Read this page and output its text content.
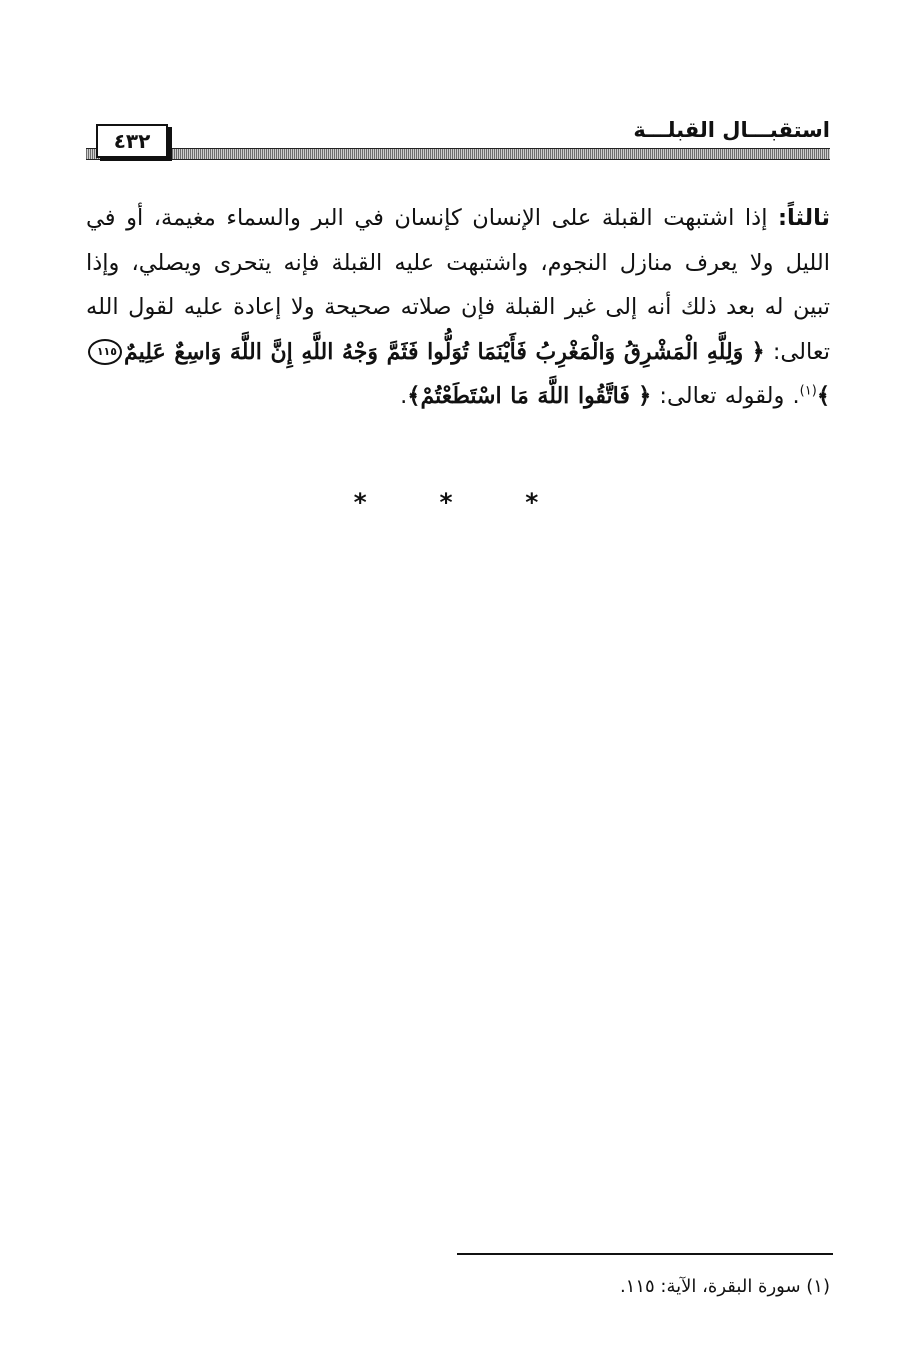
استقبـــال القبلـــة
٤٣٢
ثالثاً: إذا اشتبهت القبلة على الإنسان كإنسان في البر والسماء مغيمة، أو في الليل ولا يعرف منازل النجوم، واشتبهت عليه القبلة فإنه يتحرى ويصلي، وإذا تبين له بعد ذلك أنه إلى غير القبلة فإن صلاته صحيحة ولا إعادة عليه لقول الله تعالى: ﴿ وَلِلَّهِ الْمَشْرِقُ وَالْمَغْرِبُ فَأَيْنَمَا تُوَلُّوا فَثَمَّ وَجْهُ اللَّهِ إِنَّ اللَّهَ وَاسِعٌ عَلِيمٌ١١٥﴾$^{(١)}$. ولقوله تعالى: ﴿ فَاتَّقُوا اللَّهَ مَا اسْتَطَعْتُمْ﴾.
* * *
(١) سورة البقرة، الآية: ١١٥.
